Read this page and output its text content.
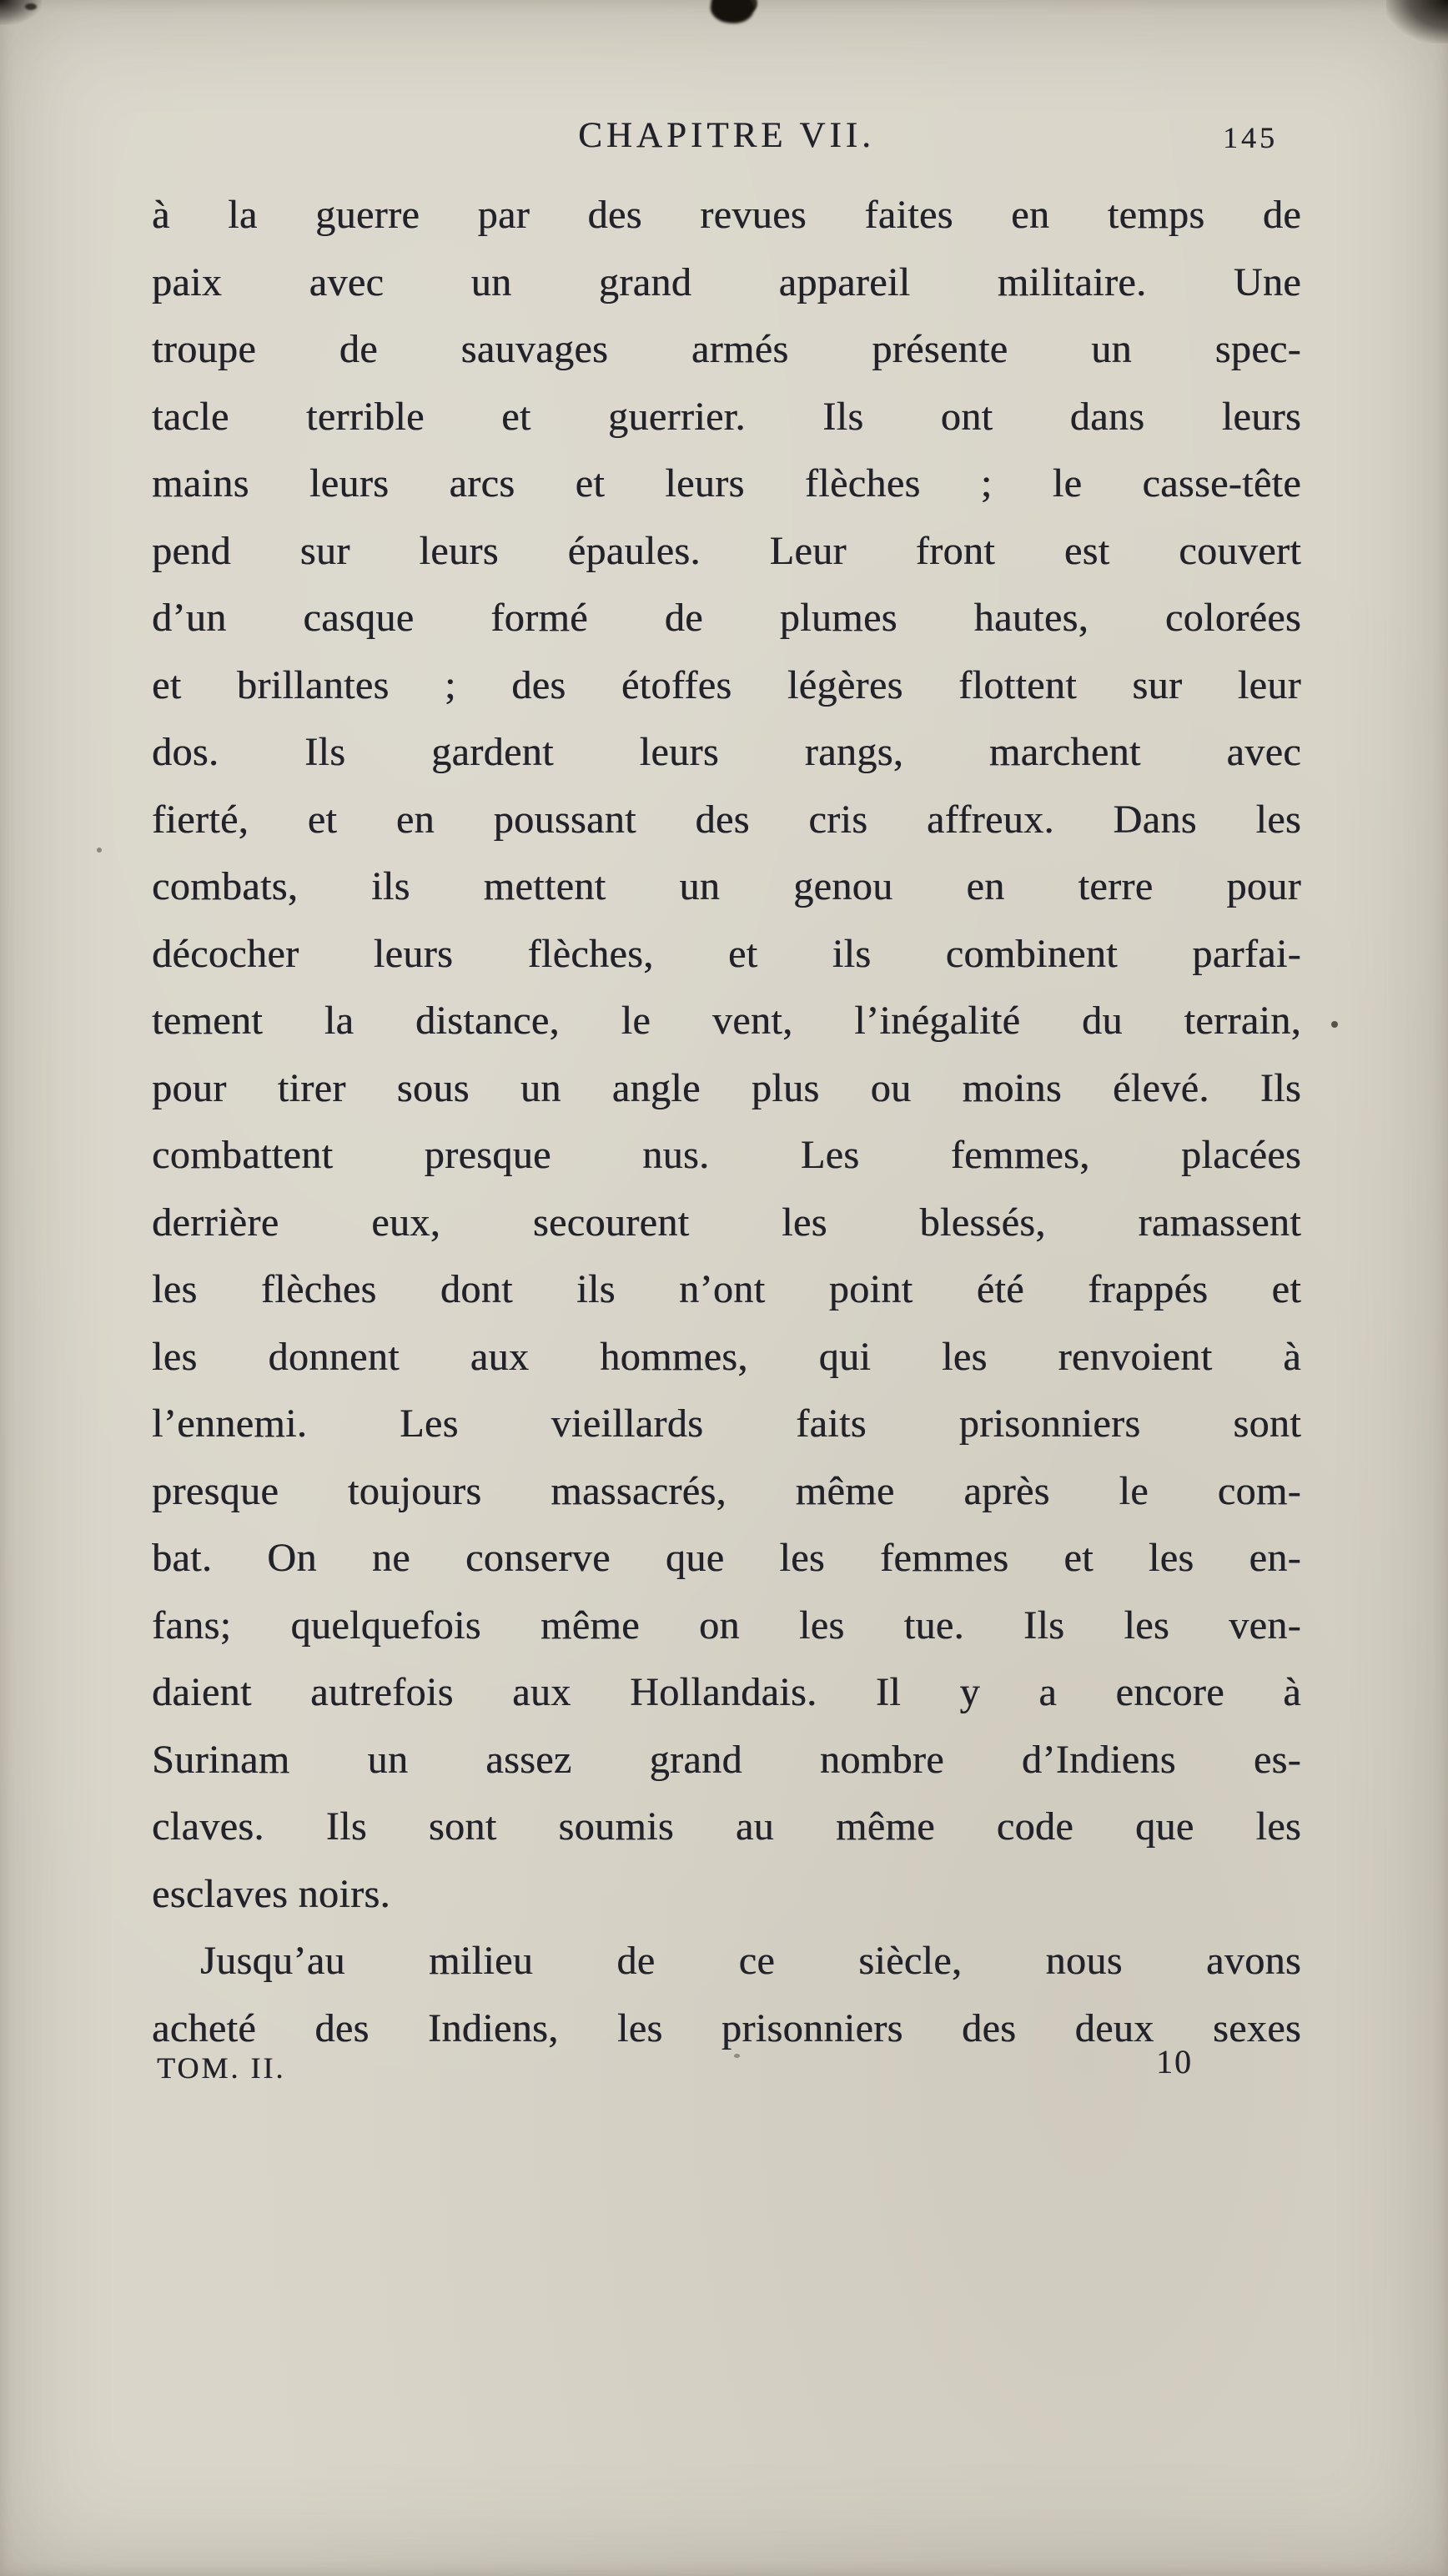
CHAPITRE VII.	145
à la guerre par des revues faites en temps de
paix avec un grand appareil militaire. Une
troupe de sauvages armés présente un spec-
tacle terrible et guerrier. Ils ont dans leurs
mains leurs arcs et leurs flèches ; le casse-tête
pend sur leurs épaules. Leur front est couvert
d’un casque formé de plumes hautes, colorées
et brillantes ; des étoffes légères flottent sur leur
dos. Ils gardent leurs rangs, marchent avec
fierté, et en poussant des cris affreux. Dans les
combats, ils mettent un genou en terre pour
décocher leurs flèches, et ils combinent parfai-
tement la distance, le vent, l’inégalité du terrain,
pour tirer sous un angle plus ou moins élevé. Ils
combattent presque nus. Les femmes, placées
derrière eux, secourent les blessés, ramassent
les flèches dont ils n’ont point été frappés et
les donnent aux hommes, qui les renvoient à
l’ennemi. Les vieillards faits prisonniers sont
presque toujours massacrés, même après le com-
bat. On ne conserve que les femmes et les en-
fans; quelquefois même on les tue. Ils les ven-
daient autrefois aux Hollandais. Il y a encore à
Surinam un assez grand nombre d’Indiens es-
claves. Ils sont soumis au même code que les
esclaves noirs.
Jusqu’au milieu de ce siècle, nous avons
acheté des Indiens, les prisonniers des deux sexes
TOM. II.	10
